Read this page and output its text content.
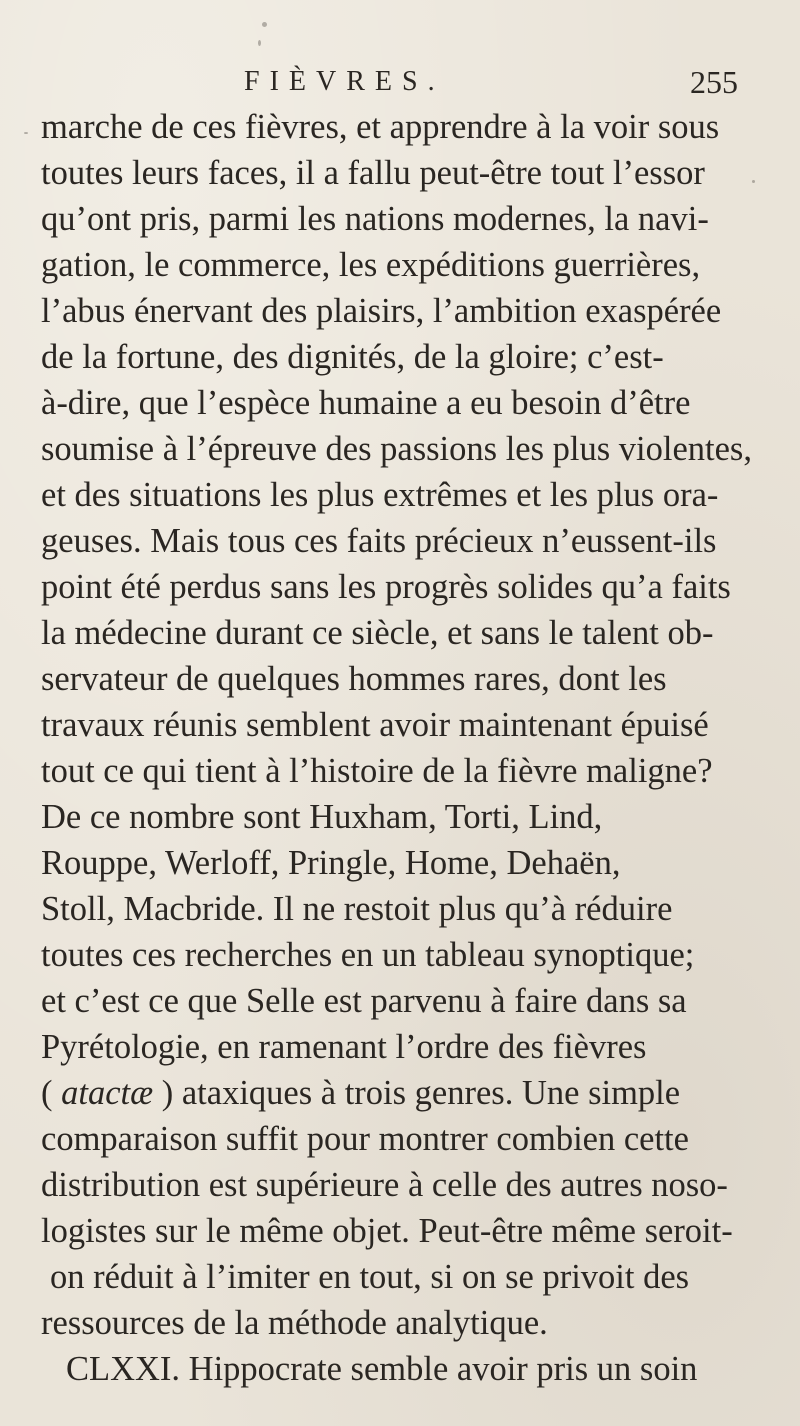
FIÈVRES.	255
marche de ces fièvres, et apprendre à la voir sous
toutes leurs faces, il a fallu peut-être tout l’essor
qu’ont pris, parmi les nations modernes, la navi-
gation, le commerce, les expéditions guerrières,
l’abus énervant des plaisirs, l’ambition exaspérée
de la fortune, des dignités, de la gloire; c’est-
à-dire, que l’espèce humaine a eu besoin d’être
soumise à l’épreuve des passions les plus violentes,
et des situations les plus extrêmes et les plus ora-
geuses. Mais tous ces faits précieux n’eussent-ils
point été perdus sans les progrès solides qu’a faits
la médecine durant ce siècle, et sans le talent ob-
servateur de quelques hommes rares, dont les
travaux réunis semblent avoir maintenant épuisé
tout ce qui tient à l’histoire de la fièvre maligne?
De ce nombre sont Huxham, Torti, Lind,
Rouppe, Werloff, Pringle, Home, Dehaën,
Stoll, Macbride. Il ne restoit plus qu’à réduire
toutes ces recherches en un tableau synoptique;
et c’est ce que Selle est parvenu à faire dans sa
Pyrétologie, en ramenant l’ordre des fièvres
( atactæ ) ataxiques à trois genres. Une simple
comparaison suffit pour montrer combien cette
distribution est supérieure à celle des autres noso-
logistes sur le même objet. Peut-être même seroit-
on réduit à l’imiter en tout, si on se privoit des
ressources de la méthode analytique.
CLXXI. Hippocrate semble avoir pris un soin
